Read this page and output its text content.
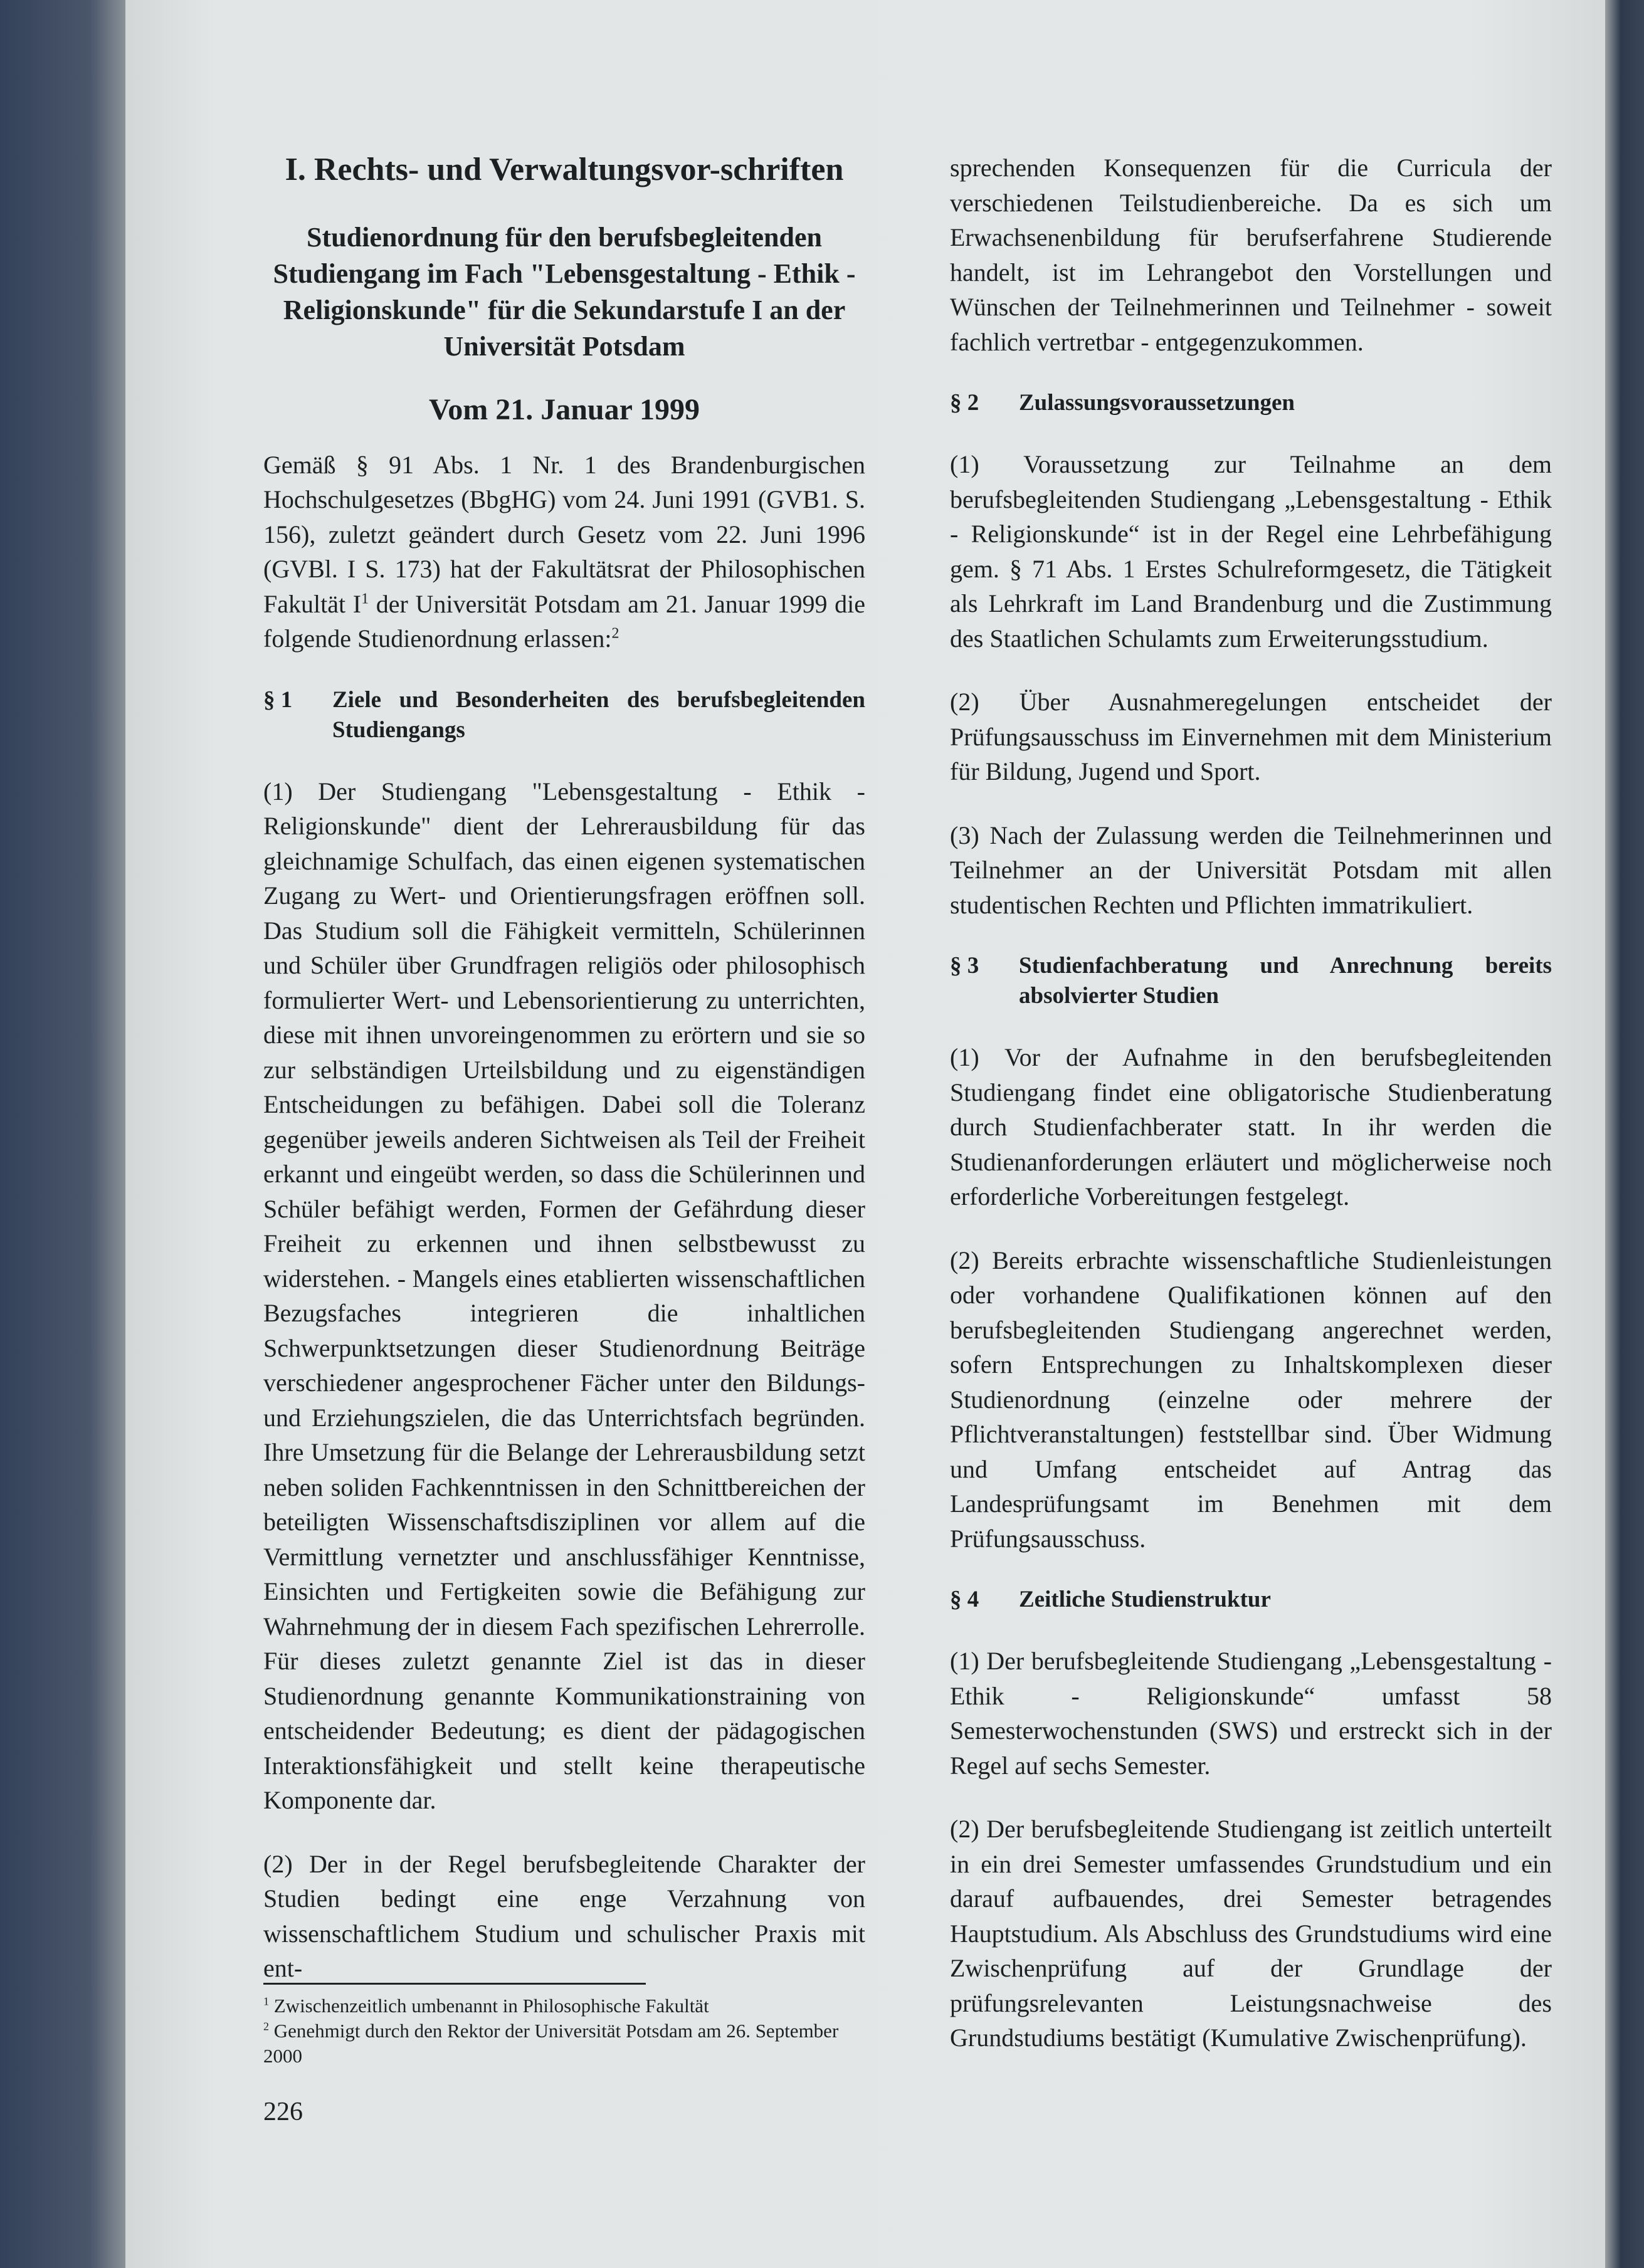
I. Rechts- und Verwaltungsvor-schriften
Studienordnung für den berufsbegleitenden Studiengang im Fach "Lebensgestaltung - Ethik - Religionskunde" für die Sekundarstufe I an der Universität Potsdam
Vom 21. Januar 1999

Gemäß § 91 Abs. 1 Nr. 1 des Brandenburgischen Hochschulgesetzes (BbgHG) vom 24. Juni 1991 (GVB1. S. 156), zuletzt geändert durch Gesetz vom 22. Juni 1996 (GVBl. I S. 173) hat der Fakultätsrat der Philosophischen Fakultät $I^1$ der Universität Potsdam am 21. Januar 1999 die folgende Studienordnung erlassen:$^2$

§ 1	Ziele und Besonderheiten des berufsbegleitenden Studiengangs

(1) Der Studiengang "Lebensgestaltung - Ethik - Religionskunde" dient der Lehrerausbildung für das gleichnamige Schulfach, das einen eigenen systematischen Zugang zu Wert- und Orientierungsfragen eröffnen soll. Das Studium soll die Fähigkeit vermitteln, Schülerinnen und Schüler über Grundfragen religiös oder philosophisch formulierter Wert- und Lebensorientierung zu unterrichten, diese mit ihnen unvoreingenommen zu erörtern und sie so zur selbständigen Urteilsbildung und zu eigenständigen Entscheidungen zu befähigen. Dabei soll die Toleranz gegenüber jeweils anderen Sichtweisen als Teil der Freiheit erkannt und eingeübt werden, so dass die Schülerinnen und Schüler befähigt werden, Formen der Gefährdung dieser Freiheit zu erkennen und ihnen selbstbewusst zu widerstehen. - Mangels eines etablierten wissenschaftlichen Bezugsfaches integrieren die inhaltlichen Schwerpunktsetzungen dieser Studienordnung Beiträge verschiedener angesprochener Fächer unter den Bildungs- und Erziehungszielen, die das Unterrichtsfach begründen. Ihre Umsetzung für die Belange der Lehrerausbildung setzt neben soliden Fachkenntnissen in den Schnittbereichen der beteiligten Wissenschaftsdisziplinen vor allem auf die Vermittlung vernetzter und anschlussfähiger Kenntnisse, Einsichten und Fertigkeiten sowie die Befähigung zur Wahrnehmung der in diesem Fach spezifischen Lehrerrolle. Für dieses zuletzt genannte Ziel ist das in dieser Studienordnung genannte Kommunikationstraining von entscheidender Bedeutung; es dient der pädagogischen Interaktionsfähigkeit und stellt keine therapeutische Komponente dar.

(2) Der in der Regel berufsbegleitende Charakter der Studien bedingt eine enge Verzahnung von wissenschaftlichem Studium und schulischer Praxis mit ent-

$^1$ Zwischenzeitlich umbenannt in Philosophische Fakultät
$^2$ Genehmigt durch den Rektor der Universität Potsdam am 26. September 2000
226

sprechenden Konsequenzen für die Curricula der verschiedenen Teilstudienbereiche. Da es sich um Erwachsenenbildung für berufserfahrene Studierende handelt, ist im Lehrangebot den Vorstellungen und Wünschen der Teilnehmerinnen und Teilnehmer - soweit fachlich vertretbar - entgegenzukommen.

§ 2	Zulassungsvoraussetzungen

(1) Voraussetzung zur Teilnahme an dem berufsbegleitenden Studiengang „Lebensgestaltung - Ethik - Religionskunde“ ist in der Regel eine Lehrbefähigung gem. § 71 Abs. 1 Erstes Schulreformgesetz, die Tätigkeit als Lehrkraft im Land Brandenburg und die Zustimmung des Staatlichen Schulamts zum Erweiterungsstudium.

(2) Über Ausnahmeregelungen entscheidet der Prüfungsausschuss im Einvernehmen mit dem Ministerium für Bildung, Jugend und Sport.

(3) Nach der Zulassung werden die Teilnehmerinnen und Teilnehmer an der Universität Potsdam mit allen studentischen Rechten und Pflichten immatrikuliert.

§ 3	Studienfachberatung und Anrechnung bereits absolvierter Studien

(1) Vor der Aufnahme in den berufsbegleitenden Studiengang findet eine obligatorische Studienberatung durch Studienfachberater statt. In ihr werden die Studienanforderungen erläutert und möglicherweise noch erforderliche Vorbereitungen festgelegt.

(2) Bereits erbrachte wissenschaftliche Studienleistungen oder vorhandene Qualifikationen können auf den berufsbegleitenden Studiengang angerechnet werden, sofern Entsprechungen zu Inhaltskomplexen dieser Studienordnung (einzelne oder mehrere der Pflichtveranstaltungen) feststellbar sind. Über Widmung und Umfang entscheidet auf Antrag das Landesprüfungsamt im Benehmen mit dem Prüfungsausschuss.

§ 4	Zeitliche Studienstruktur

(1) Der berufsbegleitende Studiengang „Lebensgestaltung - Ethik - Religionskunde“ umfasst 58 Semesterwochenstunden (SWS) und erstreckt sich in der Regel auf sechs Semester.

(2) Der berufsbegleitende Studiengang ist zeitlich unterteilt in ein drei Semester umfassendes Grundstudium und ein darauf aufbauendes, drei Semester betragendes Hauptstudium. Als Abschluss des Grundstudiums wird eine Zwischenprüfung auf der Grundlage der prüfungsrelevanten Leistungsnachweise des Grundstudiums bestätigt (Kumulative Zwischenprüfung).
